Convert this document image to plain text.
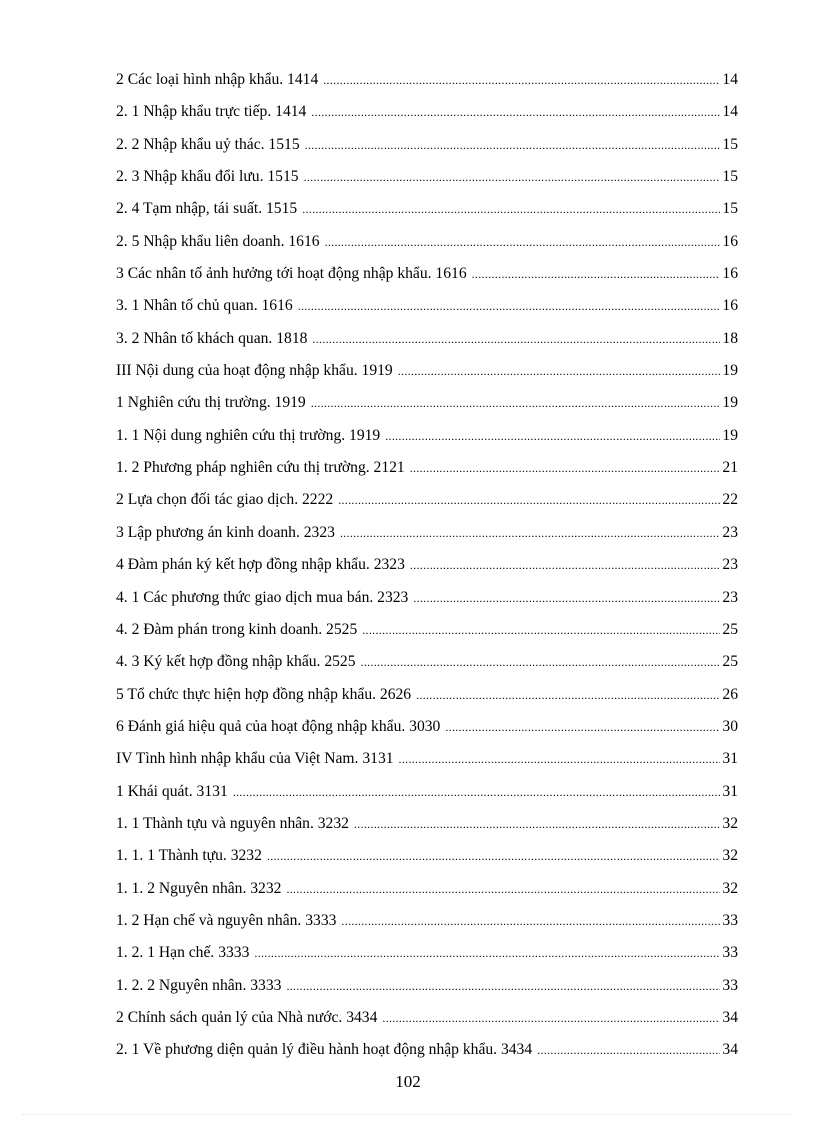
2 Các loại hình nhập khẩu. 1414 .....	14
2. 1 Nhập khẩu trực tiếp. 1414 .....	14
2. 2 Nhập khẩu uỷ thác. 1515 .....	15
2. 3 Nhập khẩu đổi lưu. 1515 .....	15
2. 4 Tạm nhập, tái suất. 1515 .....	15
2. 5 Nhập khẩu liên doanh. 1616 .....	16
3 Các nhân tố ảnh hưởng tới hoạt động nhập khẩu. 1616 .....	16
3. 1 Nhân tố chủ quan. 1616 .....	16
3. 2 Nhân tố khách quan. 1818 .....	18
III Nội dung của hoạt động nhập khẩu. 1919 .....	19
1 Nghiên cứu thị trường. 1919 .....	19
1. 1 Nội dung nghiên cứu thị trường. 1919 .....	19
1. 2 Phương pháp nghiên cứu thị trường. 2121 .....	21
2 Lựa chọn đối tác giao dịch. 2222 .....	22
3 Lập phương án kinh doanh. 2323 .....	23
4 Đàm phán ký kết hợp đồng nhập khẩu. 2323 .....	23
4. 1 Các phương thức giao dịch mua bán. 2323 .....	23
4. 2 Đàm phán trong kinh doanh. 2525 .....	25
4. 3 Ký kết hợp đồng nhập khẩu. 2525 .....	25
5 Tổ chức thực hiện hợp đồng nhập khẩu. 2626 .....	26
6 Đánh giá hiệu quả của hoạt động nhập khẩu. 3030 .....	30
IV Tình hình nhập khẩu của Việt Nam. 3131 .....	31
1 Khái quát. 3131 .....	31
1. 1 Thành tựu và nguyên nhân. 3232 .....	32
1. 1. 1 Thành tựu. 3232 .....	32
1. 1. 2 Nguyên nhân. 3232 .....	32
1. 2 Hạn chế và nguyên nhân. 3333 .....	33
1. 2. 1 Hạn chế. 3333 .....	33
1. 2. 2 Nguyên nhân. 3333 .....	33
2 Chính sách quản lý của Nhà nước. 3434 .....	34
2. 1 Về phương diện quản lý điều hành hoạt động nhập khẩu. 3434 .....	34
102
